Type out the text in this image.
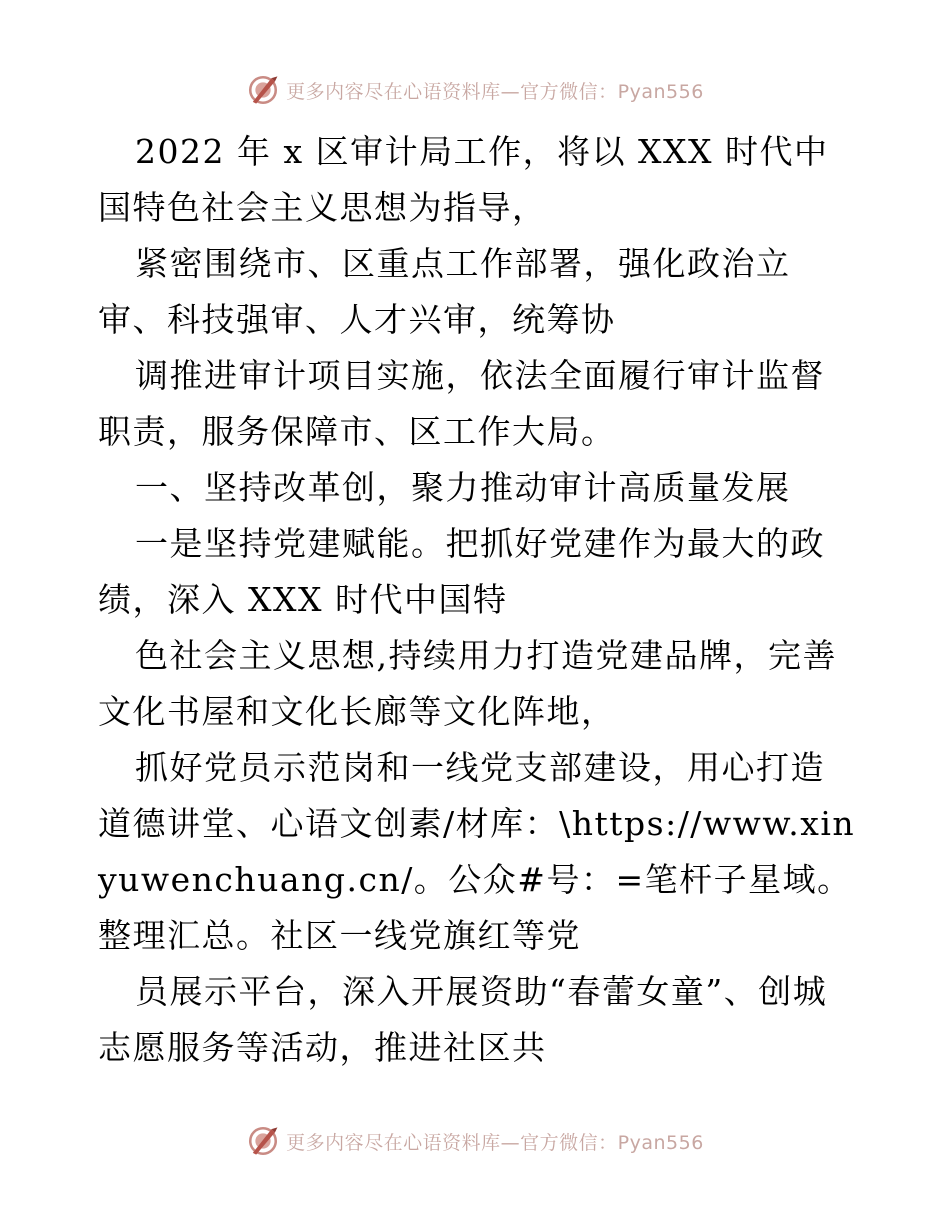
更多内容尽在心语资料库—官方微信：Pyan556

2022 年 x 区审计局工作，将以 XXX 时代中国特色社会主义思想为指导，

紧密围绕市、区重点工作部署，强化政治立审、科技强审、人才兴审，统筹协

调推进审计项目实施，依法全面履行审计监督职责，服务保障市、区工作大局。

一、坚持改革创，聚力推动审计高质量发展

一是坚持党建赋能。把抓好党建作为最大的政绩，深入 XXX 时代中国特

色社会主义思想,持续用力打造党建品牌，完善文化书屋和文化长廊等文化阵地，

抓好党员示范岗和一线党支部建设，用心打造道德讲堂、心语文创素/材库：\https://www.xinyuwenchuang.cn/。公众#号：=笔杆子星域。整理汇总。社区一线党旗红等党

员展示平台，深入开展资助“春蕾女童”、创城志愿服务等活动，推进社区共

更多内容尽在心语资料库—官方微信：Pyan556
